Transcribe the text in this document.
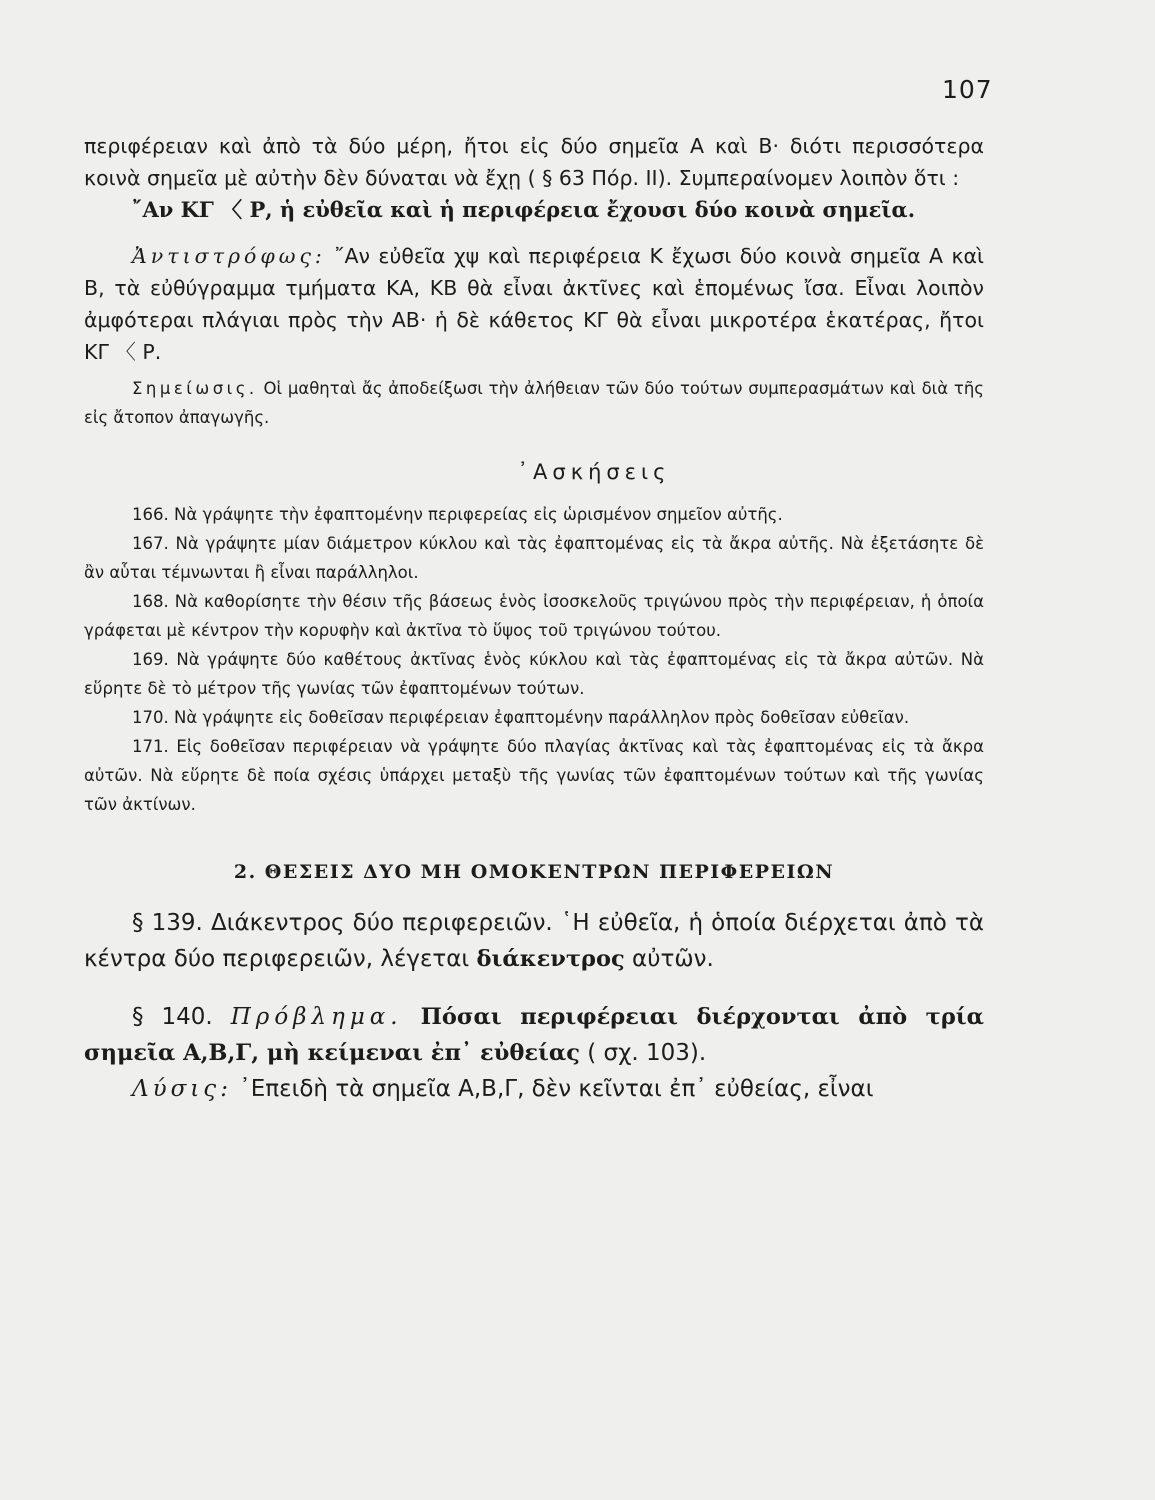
107

περιφέρειαν καὶ ἀπὸ τὰ δύο μέρη, ἤτοι εἰς δύο σημεῖα Α καὶ Β· διότι περισσότερα κοινὰ σημεῖα μὲ αὐτὴν δὲν δύναται νὰ ἔχῃ ( § 63 Πόρ. ΙΙ). Συμπεραίνομεν λοιπὸν ὅτι :

῎Αν ΚΓ 〈 Ρ, ἡ εὐθεῖα καὶ ἡ περιφέρεια ἔχουσι δύο κοινὰ σημεῖα.

Ἀντιστρόφως: ῎Αν εὐθεῖα χψ καὶ περιφέρεια Κ ἔχωσι δύο κοινὰ σημεῖα Α καὶ Β, τὰ εὐθύγραμμα τμήματα ΚΑ, ΚΒ θὰ εἶναι ἀκτῖνες καὶ ἑπομένως ἴσα. Εἶναι λοιπὸν ἀμφότεραι πλάγιαι πρὸς τὴν ΑΒ· ἡ δὲ κάθετος ΚΓ θὰ εἶναι μικροτέρα ἑκατέρας, ἤτοι ΚΓ 〈 Ρ.

Σημείωσις. Οἱ μαθηταὶ ἄς ἀποδείξωσι τὴν ἀλήθειαν τῶν δύο τούτων συμπερασμάτων καὶ διὰ τῆς εἰς ἄτοπον ἀπαγωγῆς.

᾿Ασκήσεις

166. Νὰ γράψητε τὴν ἐφαπτομένην περιφερείας εἰς ὡρισμένον σημεῖον αὐτῆς.

167. Νὰ γράψητε μίαν διάμετρον κύκλου καὶ τὰς ἐφαπτομένας εἰς τὰ ἄκρα αὐτῆς. Νὰ ἐξετάσητε δὲ ἂν αὗται τέμνωνται ἢ εἶναι παράλληλοι.

168. Νὰ καθορίσητε τὴν θέσιν τῆς βάσεως ἑνὸς ἰσοσκελοῦς τριγώνου πρὸς τὴν περιφέρειαν, ἡ ὁποία γράφεται μὲ κέντρον τὴν κορυφὴν καὶ ἀκτῖνα τὸ ὕψος τοῦ τριγώνου τούτου.

169. Νὰ γράψητε δύο καθέτους ἀκτῖνας ἑνὸς κύκλου καὶ τὰς ἐφαπτομένας εἰς τὰ ἄκρα αὐτῶν. Νὰ εὕρητε δὲ τὸ μέτρον τῆς γωνίας τῶν ἐφαπτομένων τούτων.

170. Νὰ γράψητε εἰς δοθεῖσαν περιφέρειαν ἐφαπτομένην παράλληλον πρὸς δοθεῖσαν εὐθεῖαν.

171. Εἰς δοθεῖσαν περιφέρειαν νὰ γράψητε δύο πλαγίας ἀκτῖνας καὶ τὰς ἐφαπτομένας εἰς τὰ ἄκρα αὐτῶν. Νὰ εὕρητε δὲ ποία σχέσις ὑπάρχει μεταξὺ τῆς γωνίας τῶν ἐφαπτομένων τούτων καὶ τῆς γωνίας τῶν ἀκτίνων.

2. ΘΕΣΕΙΣ ΔΥΟ ΜΗ ΟΜΟΚΕΝΤΡΩΝ ΠΕΡΙΦΕΡΕΙΩΝ

§ 139. Διάκεντρος δύο περιφερειῶν. ῾Η εὐθεῖα, ἡ ὁποία διέρχεται ἀπὸ τὰ κέντρα δύο περιφερειῶν, λέγεται διάκεντρος αὐτῶν.

§ 140. Πρόβλημα. Πόσαι περιφέρειαι διέρχονται ἀπὸ τρία σημεῖα Α,Β,Γ, μὴ κείμεναι ἐπ᾿ εὐθείας ( σχ. 103).

Λύσις: ᾿Επειδὴ τὰ σημεῖα Α,Β,Γ, δὲν κεῖνται ἐπ᾿ εὐθείας, εἶναι
